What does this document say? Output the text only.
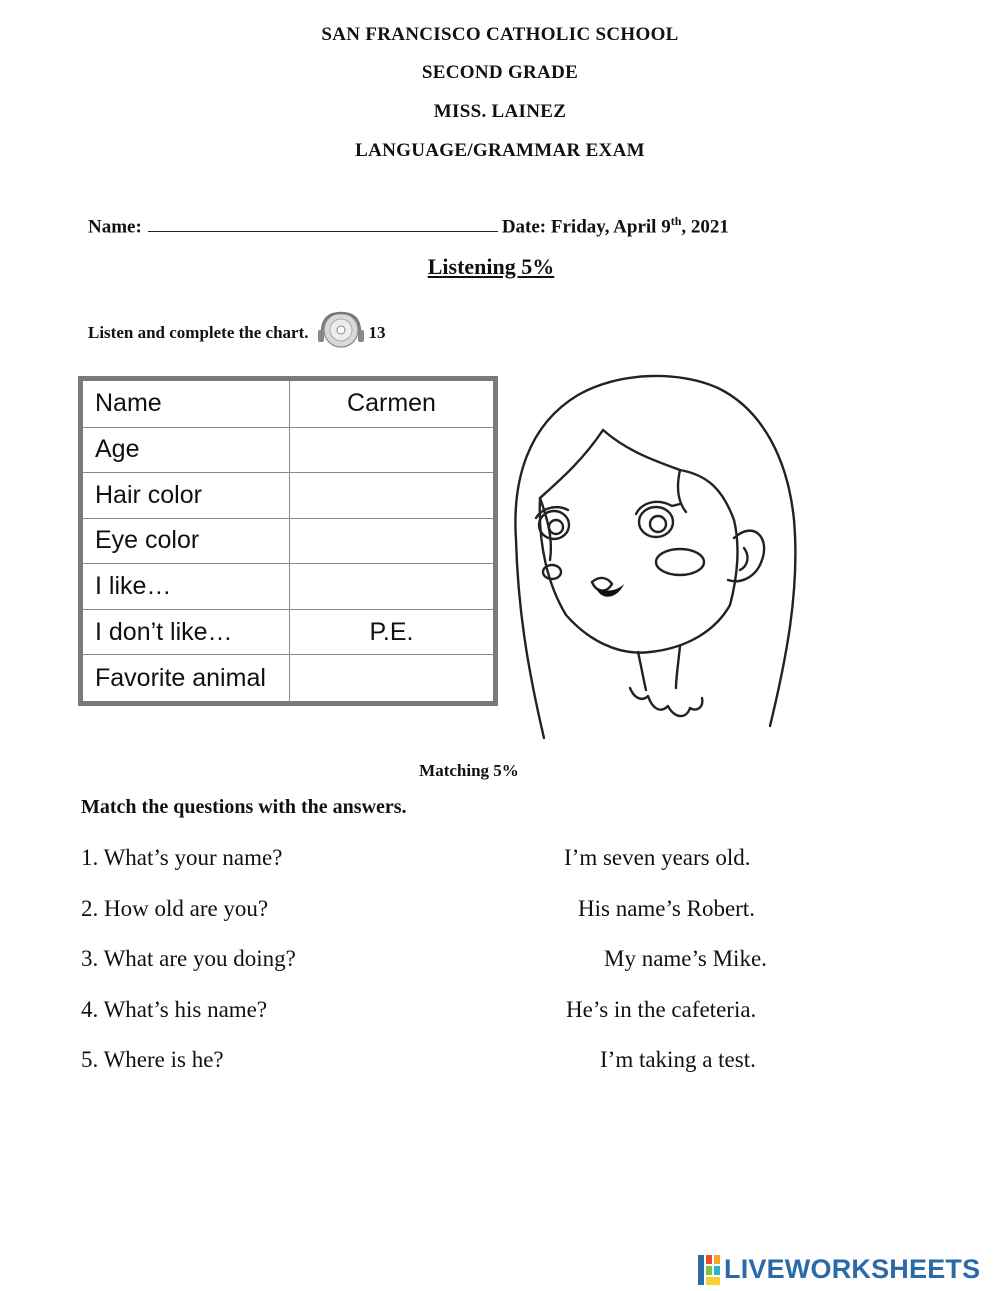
SAN FRANCISCO CATHOLIC SCHOOL
SECOND GRADE
MISS. LAINEZ
LANGUAGE/GRAMMAR EXAM
Name:	Date: Friday, April 9th, 2021
Listening 5%
Listen and complete the chart.	13
Name	Carmen
Age	
Hair color	
Eye color	
I like…	
I don’t like…	P.E.
Favorite animal	
Matching 5%
Match the questions with the answers.
1. What’s your name?
2. How old are you?
3. What are you doing?
4. What’s his name?
5. Where is he?
I’m seven years old.
His name’s Robert.
My name’s Mike.
He’s in the cafeteria.
I’m taking a test.
LIVEWORKSHEETS
